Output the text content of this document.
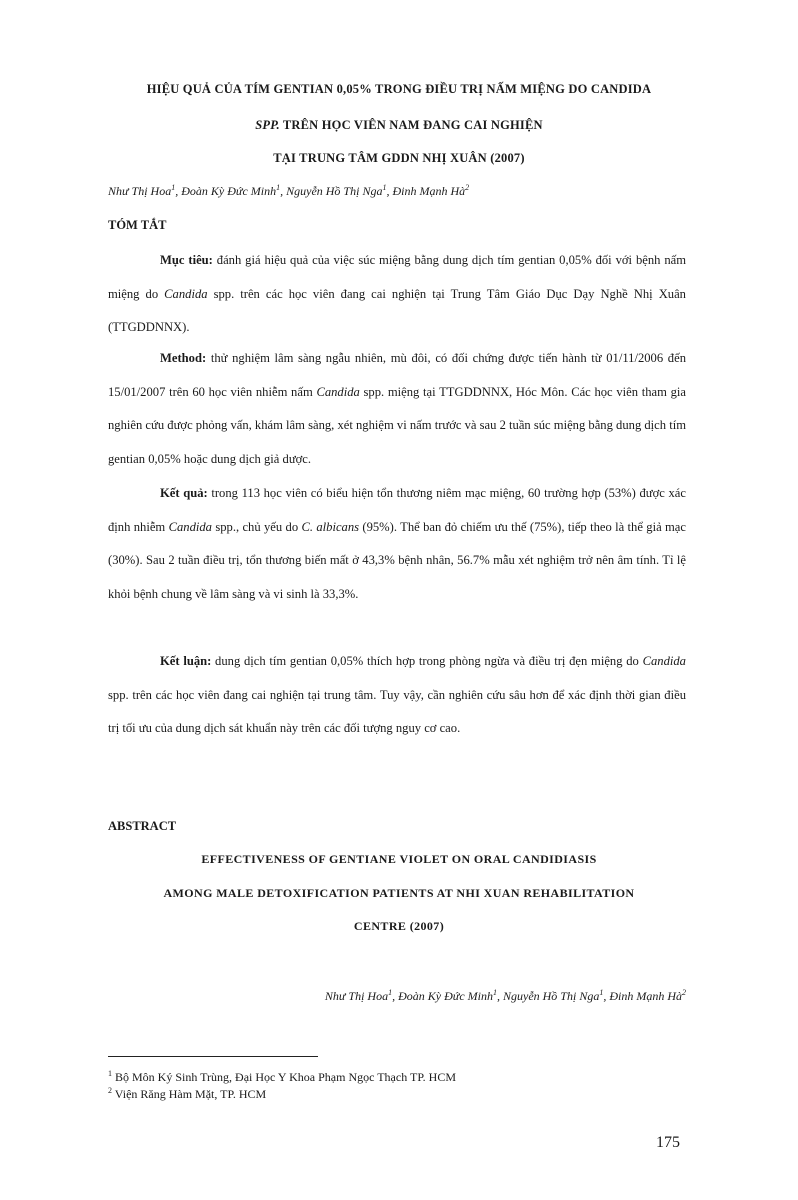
HIỆU QUẢ CỦA TÍM GENTIAN 0,05% TRONG ĐIỀU TRỊ NẤM MIỆNG DO CANDIDA
SPP. TRÊN HỌC VIÊN NAM ĐANG CAI NGHIỆN
TẠI TRUNG TÂM GDDN NHỊ XUÂN (2007)
Như Thị Hoa$^1$, Đoàn Kỳ Đức Minh$^1$, Nguyễn Hồ Thị Nga$^1$, Đinh Mạnh $Hà^2$
TÓM TẮT
Mục tiêu: đánh giá hiệu quả của việc súc miệng bằng dung dịch tím gentian 0,05% đối với bệnh nấm miệng do Candida spp. trên các học viên đang cai nghiện tại Trung Tâm Giáo Dục Dạy Nghề Nhị Xuân (TTGDDNNX).
Method: thử nghiệm lâm sàng ngẫu nhiên, mù đôi, có đối chứng được tiến hành từ 01/11/2006 đến 15/01/2007 trên 60 học viên nhiễm nấm Candida spp. miệng tại TTGDDNNX, Hóc Môn. Các học viên tham gia nghiên cứu được phỏng vấn, khám lâm sàng, xét nghiệm vi nấm trước và sau 2 tuần súc miệng bằng dung dịch tím gentian 0,05% hoặc dung dịch giả dược.
Kết quả: trong 113 học viên có biểu hiện tổn thương niêm mạc miệng, 60 trường hợp (53%) được xác định nhiễm Candida spp., chủ yếu do C. albicans (95%). Thể ban đỏ chiếm ưu thế (75%), tiếp theo là thể giả mạc (30%). Sau 2 tuần điều trị, tổn thương biến mất ở 43,3% bệnh nhân, 56.7% mẫu xét nghiệm trở nên âm tính. Tỉ lệ khỏi bệnh chung về lâm sàng và vi sinh là 33,3%.
Kết luận: dung dịch tím gentian 0,05% thích hợp trong phòng ngừa và điều trị đẹn miệng do Candida spp. trên các học viên đang cai nghiện tại trung tâm. Tuy vậy, cần nghiên cứu sâu hơn để xác định thời gian điều trị tối ưu của dung dịch sát khuẩn này trên các đối tượng nguy cơ cao.
ABSTRACT
EFFECTIVENESS OF GENTIANE VIOLET ON ORAL CANDIDIASIS
AMONG MALE DETOXIFICATION PATIENTS AT NHI XUAN REHABILITATION
CENTRE (2007)
Như Thị Hoa$^1$, Đoàn Kỳ Đức Minh$^1$, Nguyễn Hồ Thị Nga$^1$, Đinh Mạnh $Hà^2$
$^1$ Bộ Môn Ký Sinh Trùng, Đại Học Y Khoa Phạm Ngọc Thạch TP. HCM
$^2$ Viện Răng Hàm Mặt, TP. HCM
175
